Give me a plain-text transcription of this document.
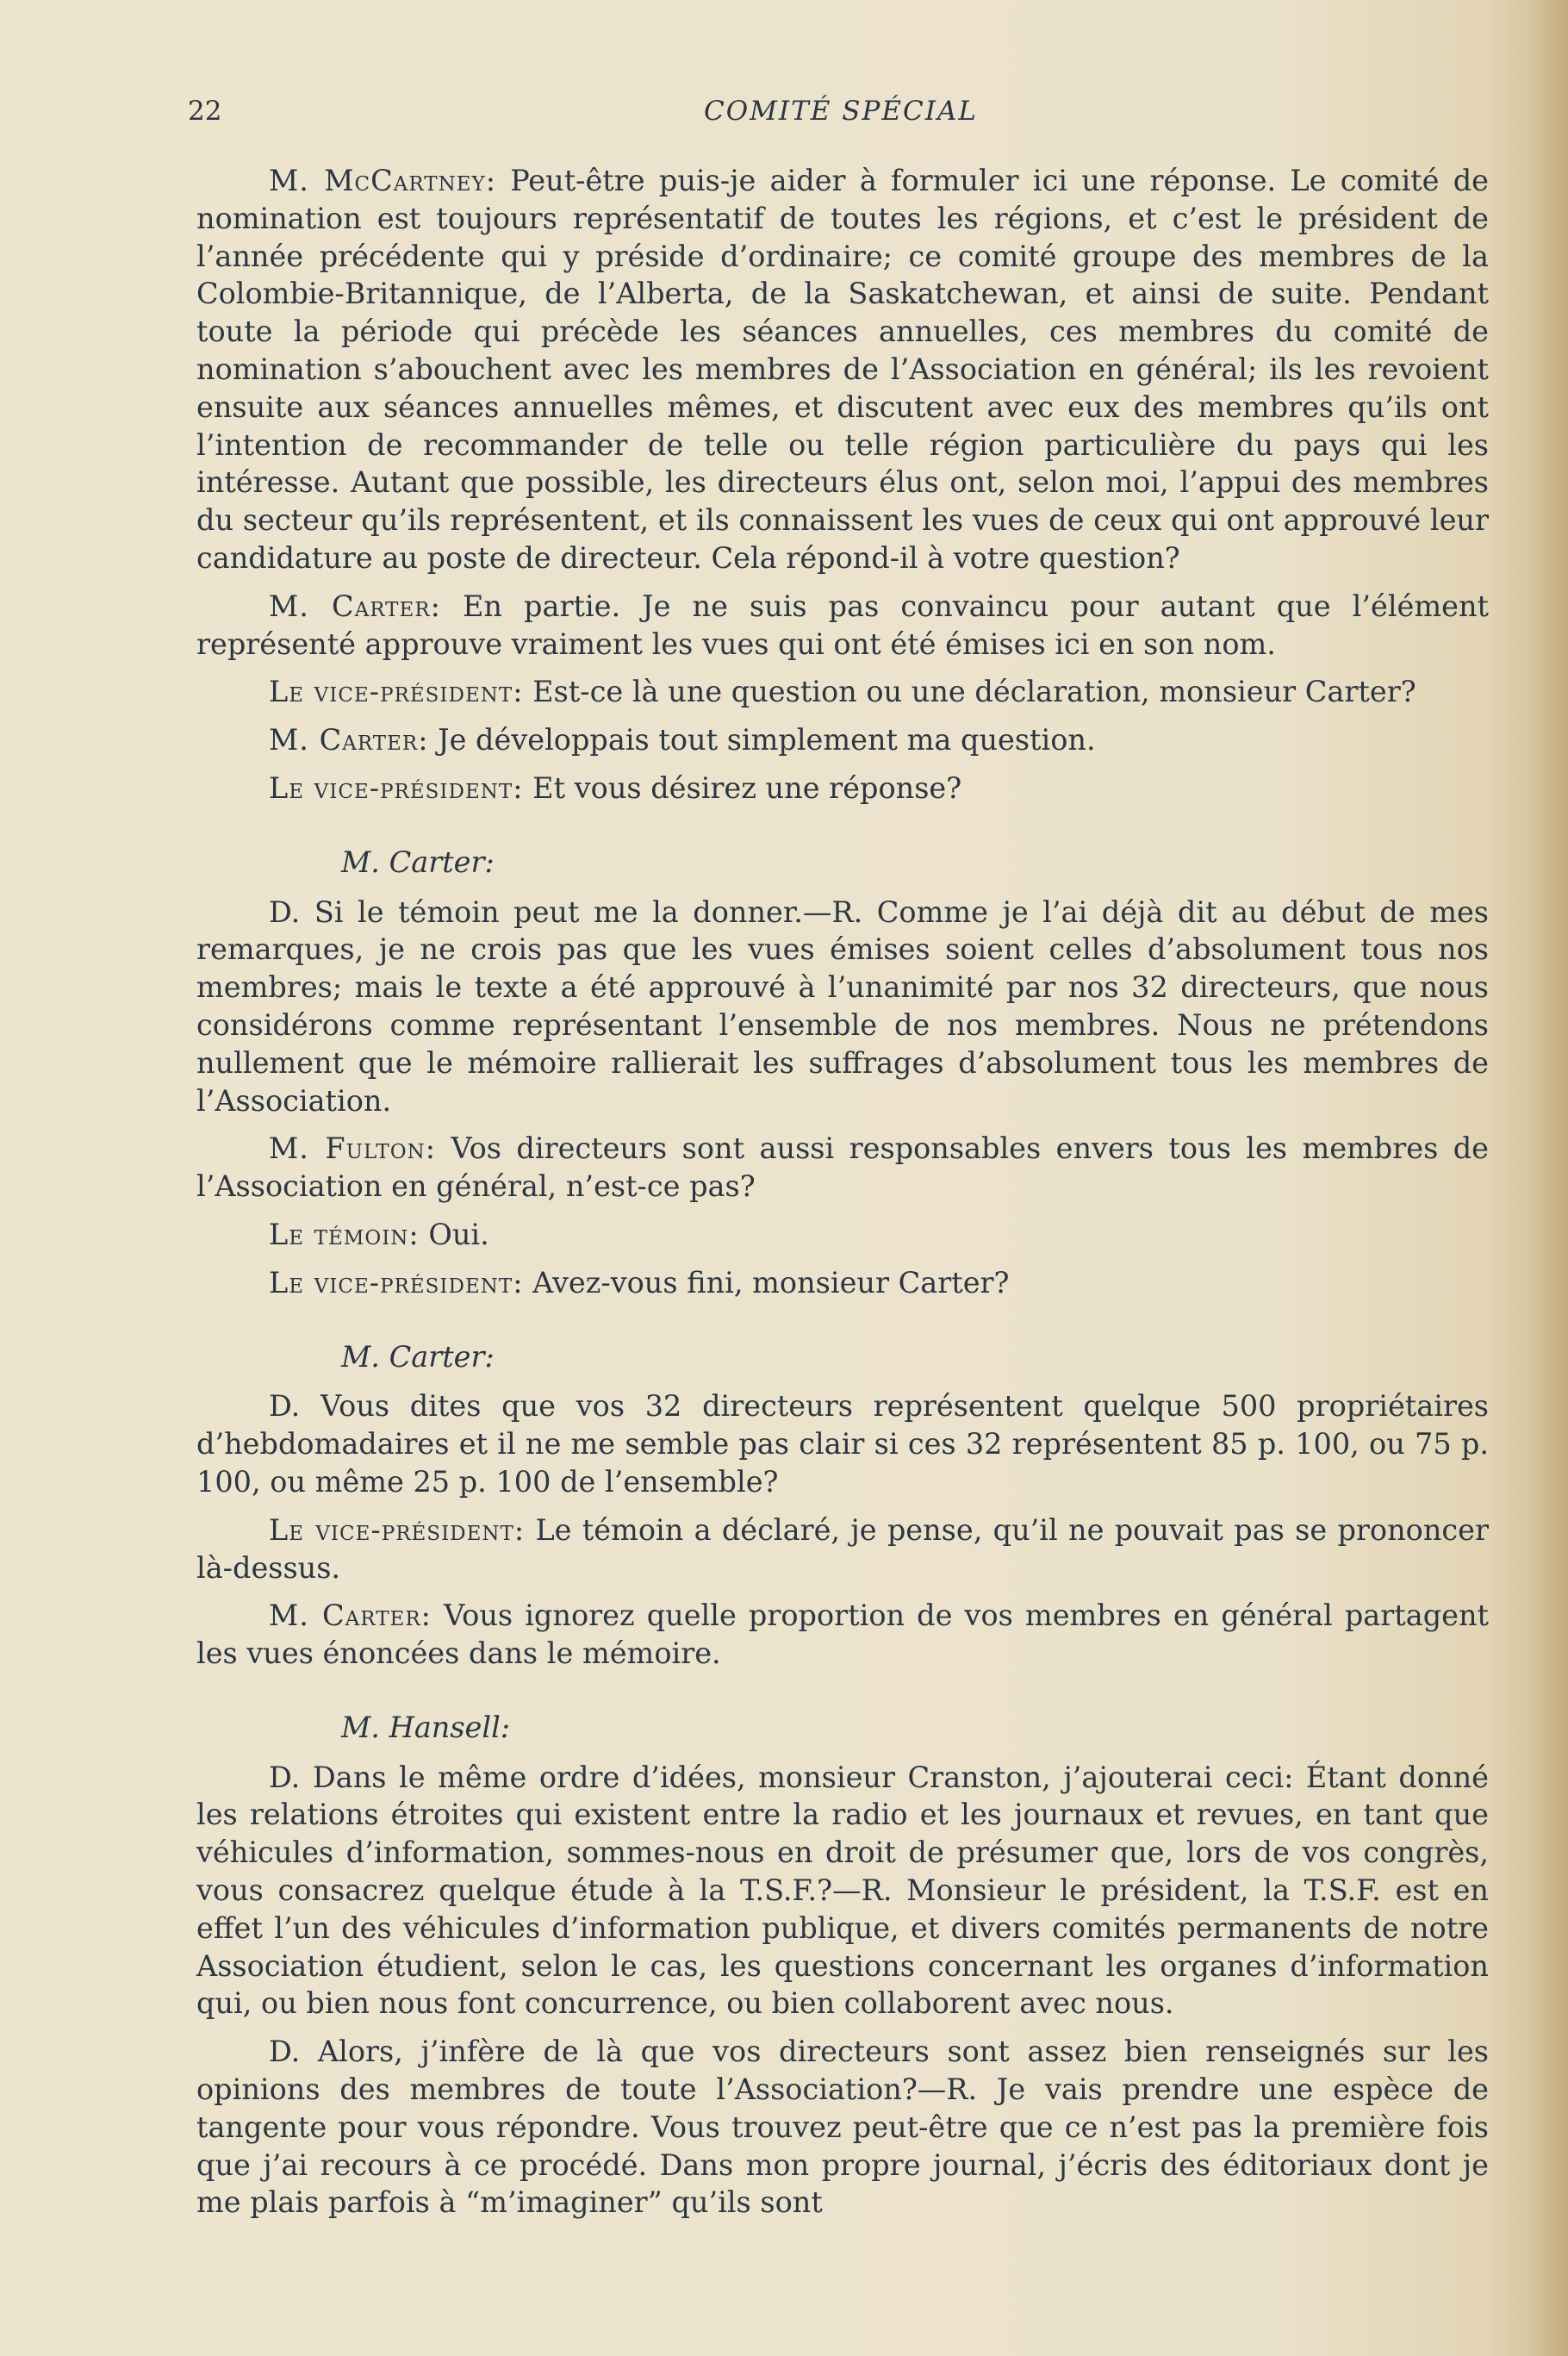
22	COMITÉ SPÉCIAL

M. McCartney: Peut-être puis-je aider à formuler ici une réponse. Le comité de nomination est toujours représentatif de toutes les régions, et c’est le président de l’année précédente qui y préside d’ordinaire; ce comité groupe des membres de la Colombie-Britannique, de l’Alberta, de la Saskatchewan, et ainsi de suite. Pendant toute la période qui précède les séances annuelles, ces membres du comité de nomination s’abouchent avec les membres de l’Association en général; ils les revoient ensuite aux séances annuelles mêmes, et discutent avec eux des membres qu’ils ont l’intention de recommander de telle ou telle région particulière du pays qui les intéresse. Autant que possible, les directeurs élus ont, selon moi, l’appui des membres du secteur qu’ils représentent, et ils connaissent les vues de ceux qui ont approuvé leur candidature au poste de directeur. Cela répond-il à votre question?

M. Carter: En partie. Je ne suis pas convaincu pour autant que l’élément représenté approuve vraiment les vues qui ont été émises ici en son nom.

Le vice-président: Est-ce là une question ou une déclaration, monsieur Carter?

M. Carter: Je développais tout simplement ma question.

Le vice-président: Et vous désirez une réponse?

M. Carter:

D. Si le témoin peut me la donner.—R. Comme je l’ai déjà dit au début de mes remarques, je ne crois pas que les vues émises soient celles d’absolument tous nos membres; mais le texte a été approuvé à l’unanimité par nos 32 directeurs, que nous considérons comme représentant l’ensemble de nos membres. Nous ne prétendons nullement que le mémoire rallierait les suffrages d’absolument tous les membres de l’Association.

M. Fulton: Vos directeurs sont aussi responsables envers tous les membres de l’Association en général, n’est-ce pas?

Le témoin: Oui.

Le vice-président: Avez-vous fini, monsieur Carter?

M. Carter:

D. Vous dites que vos 32 directeurs représentent quelque 500 propriétaires d’hebdomadaires et il ne me semble pas clair si ces 32 représentent 85 p. 100, ou 75 p. 100, ou même 25 p. 100 de l’ensemble?

Le vice-président: Le témoin a déclaré, je pense, qu’il ne pouvait pas se prononcer là-dessus.

M. Carter: Vous ignorez quelle proportion de vos membres en général partagent les vues énoncées dans le mémoire.

M. Hansell:

D. Dans le même ordre d’idées, monsieur Cranston, j’ajouterai ceci: Étant donné les relations étroites qui existent entre la radio et les journaux et revues, en tant que véhicules d’information, sommes-nous en droit de présumer que, lors de vos congrès, vous consacrez quelque étude à la T.S.F.?—R. Monsieur le président, la T.S.F. est en effet l’un des véhicules d’information publique, et divers comités permanents de notre Association étudient, selon le cas, les questions concernant les organes d’information qui, ou bien nous font concurrence, ou bien collaborent avec nous.

D. Alors, j’infère de là que vos directeurs sont assez bien renseignés sur les opinions des membres de toute l’Association?—R. Je vais prendre une espèce de tangente pour vous répondre. Vous trouvez peut-être que ce n’est pas la première fois que j’ai recours à ce procédé. Dans mon propre journal, j’écris des éditoriaux dont je me plais parfois à “m’imaginer” qu’ils sont
